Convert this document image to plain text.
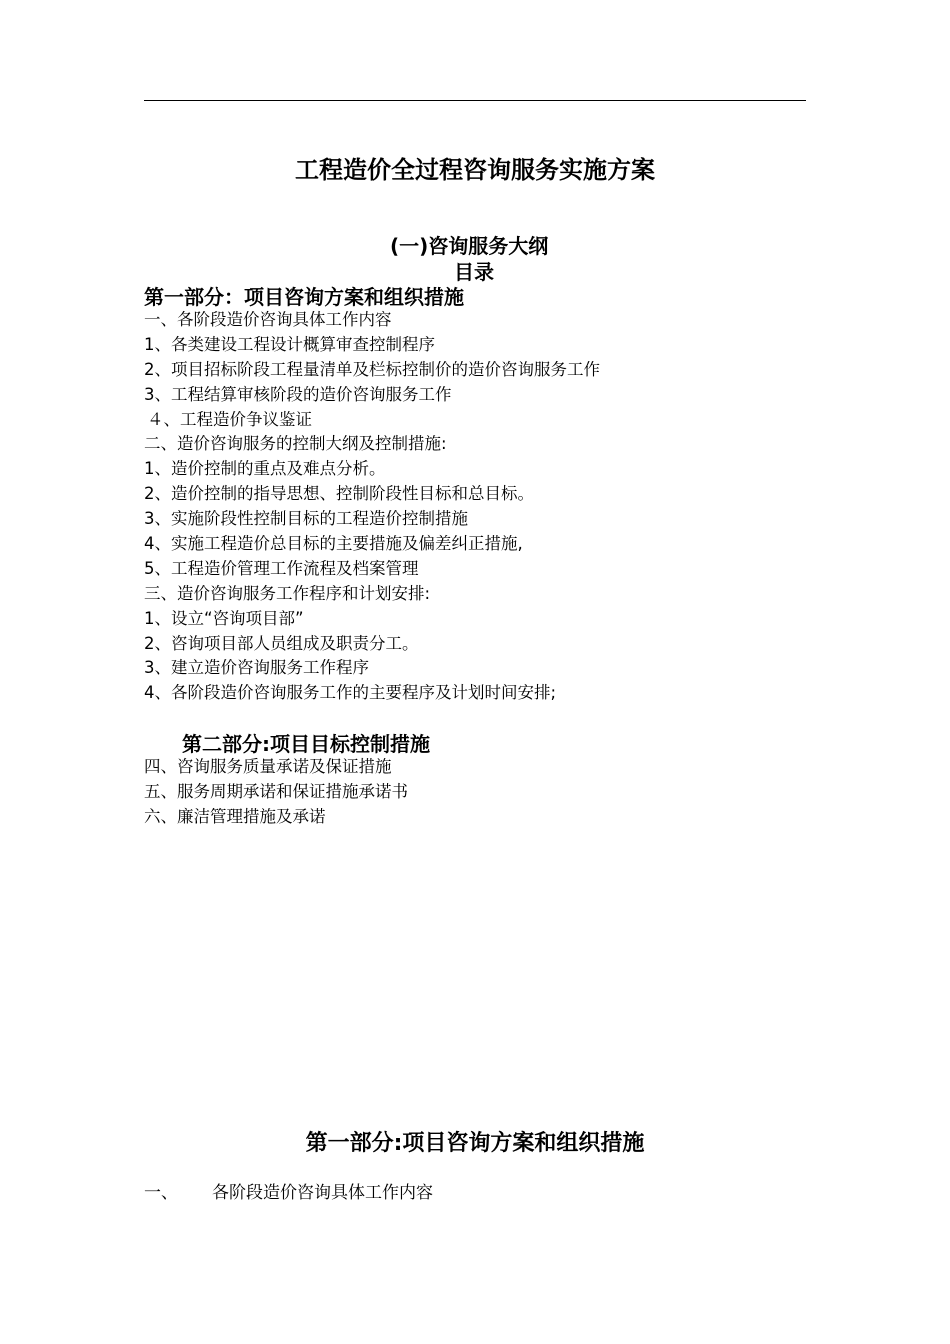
工程造价全过程咨询服务实施方案
(一)咨询服务大纲
目录
第一部分：项目咨询方案和组织措施
一、各阶段造价咨询具体工作内容
1、各类建设工程设计概算审查控制程序
2、项目招标阶段工程量清单及栏标控制价的造价咨询服务工作
3、工程结算审核阶段的造价咨询服务工作
４、工程造价争议鉴证
二、造价咨询服务的控制大纲及控制措施:
1、造价控制的重点及难点分析。
2、造价控制的指导思想、控制阶段性目标和总目标。
3、实施阶段性控制目标的工程造价控制措施
4、实施工程造价总目标的主要措施及偏差纠正措施,
5、工程造价管理工作流程及档案管理
三、造价咨询服务工作程序和计划安排:
1、设立“咨询项目部”
2、咨询项目部人员组成及职责分工。
3、建立造价咨询服务工作程序
4、各阶段造价咨询服务工作的主要程序及计划时间安排;
第二部分:项目目标控制措施
四、咨询服务质量承诺及保证措施
五、服务周期承诺和保证措施承诺书
六、廉洁管理措施及承诺
第一部分:项目咨询方案和组织措施
一、 各阶段造价咨询具体工作内容
